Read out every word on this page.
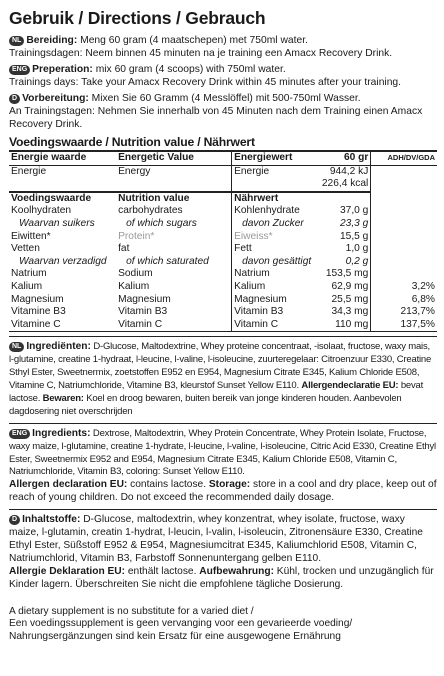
Gebruik / Directions / Gebrauch
NL Bereiding: Meng 60 gram (4 maatschepen) met 750ml water.
Trainingsdagen: Neem binnen 45 minuten na je training een Amacx Recovery Drink.
ENG Preperation: mix 60 gram (4 scoops) with 750ml water.
Trainings days: Take your Amacx Recovery Drink within 45 minutes after your training.
D Vorbereitung: Mixen Sie 60 Gramm (4 Messlöffel) mit 500-750ml Wasser.
An Trainingstagen: Nehmen Sie innerhalb von 45 Minuten nach dem Training einen Amacx Recovery Drink.
Voedingswaarde / Nutrition value / Nährwert
Energie waarde	Energetic Value	Energiewert	60 gr	ADH/DV/GDA
Energie	Energy	Energie	944,2 kJ	
			226,4 kcal	
Voedingswaarde	Nutrition value	Nährwert		
Koolhydraten	carbohydrates	Kohlenhydrate	37,0 g	
Waarvan suikers	of which sugars	davon Zucker	23,3 g	
Eiwitten*	Protein*	Eiweiss*	15,5 g	
Vetten	fat	Fett	1,0 g	
Waarvan verzadigd	of which saturated	davon gesättigt	0,2 g	
Natrium	Sodium	Natrium	153,5 mg	
Kalium	Kalium	Kalium	62,9 mg	3,2%
Magnesium	Magnesium	Magnesium	25,5 mg	6,8%
Vitamine B3	Vitamin B3	Vitamin B3	34,3 mg	213,7%
Vitamine C	Vitamin C	Vitamin C	110 mg	137,5%
NL Ingrediënten: D-Glucose, Maltodextrine, Whey proteine concentraat, -isolaat, fructose, waxy mais, l-glutamine, creatine 1-hydraat, l-leucine, l-valine, l-isoleucine, zuurteregelaar: Citroenzuur E330, Creatine Sthyl Ester, Sweetnermix, zoetstoffen E952 en E954, Magnesium Citrate E345, Kalium Chloride E508, Vitamine C, Natriumchloride, Vitamine B3, kleurstof Sunset Yellow E110. Allergendeclaratie EU: bevat lactose. Bewaren: Koel en droog bewaren, buiten bereik van jonge kinderen houden. Aanbevolen dagdosering niet overschrijden
ENG Ingredients: Dextrose, Maltodextrin, Whey Protein Concentrate, Whey Protein Isolate, Fructose, waxy maize, l-glutamine, creatine 1-hydrate, l-leucine, l-valine, l-isoleucine, Citric Acid E330, Creatine Ethyl Ester, Sweetnermix E952 and E954, Magnesium Citrate E345, Kalium Chloride E508, Vitamin C, Natriumchloride, Vitamin B3, coloring: Sunset Yellow E110.
Allergen declaration EU: contains lactose. Storage: store in a cool and dry place, keep out of reach of young children. Do not exceed the recommended daily dosage.
D Inhaltstoffe: D-Glucose, maltodextrin, whey konzentrat, whey isolate, fructose, waxy maize, l-glutamin, creatin 1-hydrat, l-leucin, l-valin, l-isoleucin, Zitronensäure E330, Creatine Ethyl Ester, Süßstoff E952 & E954, Magnesiumcitrat E345, Kaliumchlorid E508, Vitamin C, Natriumchlorid, Vitamin B3, Farbstoff Sonnenuntergang gelben E110.
Allergie Deklaration EU: enthält lactose. Aufbewahrung: Kühl, trocken und unzugänglich für Kinder lagern. Überschreiten Sie nicht die empfohlene tägliche Dosierung.
A dietary supplement is no substitute for a varied diet /
Een voedingssupplement is geen vervanging voor een gevarieerde voeding/
Nahrungsergänzungen sind kein Ersatz für eine ausgewogene Ernährung
